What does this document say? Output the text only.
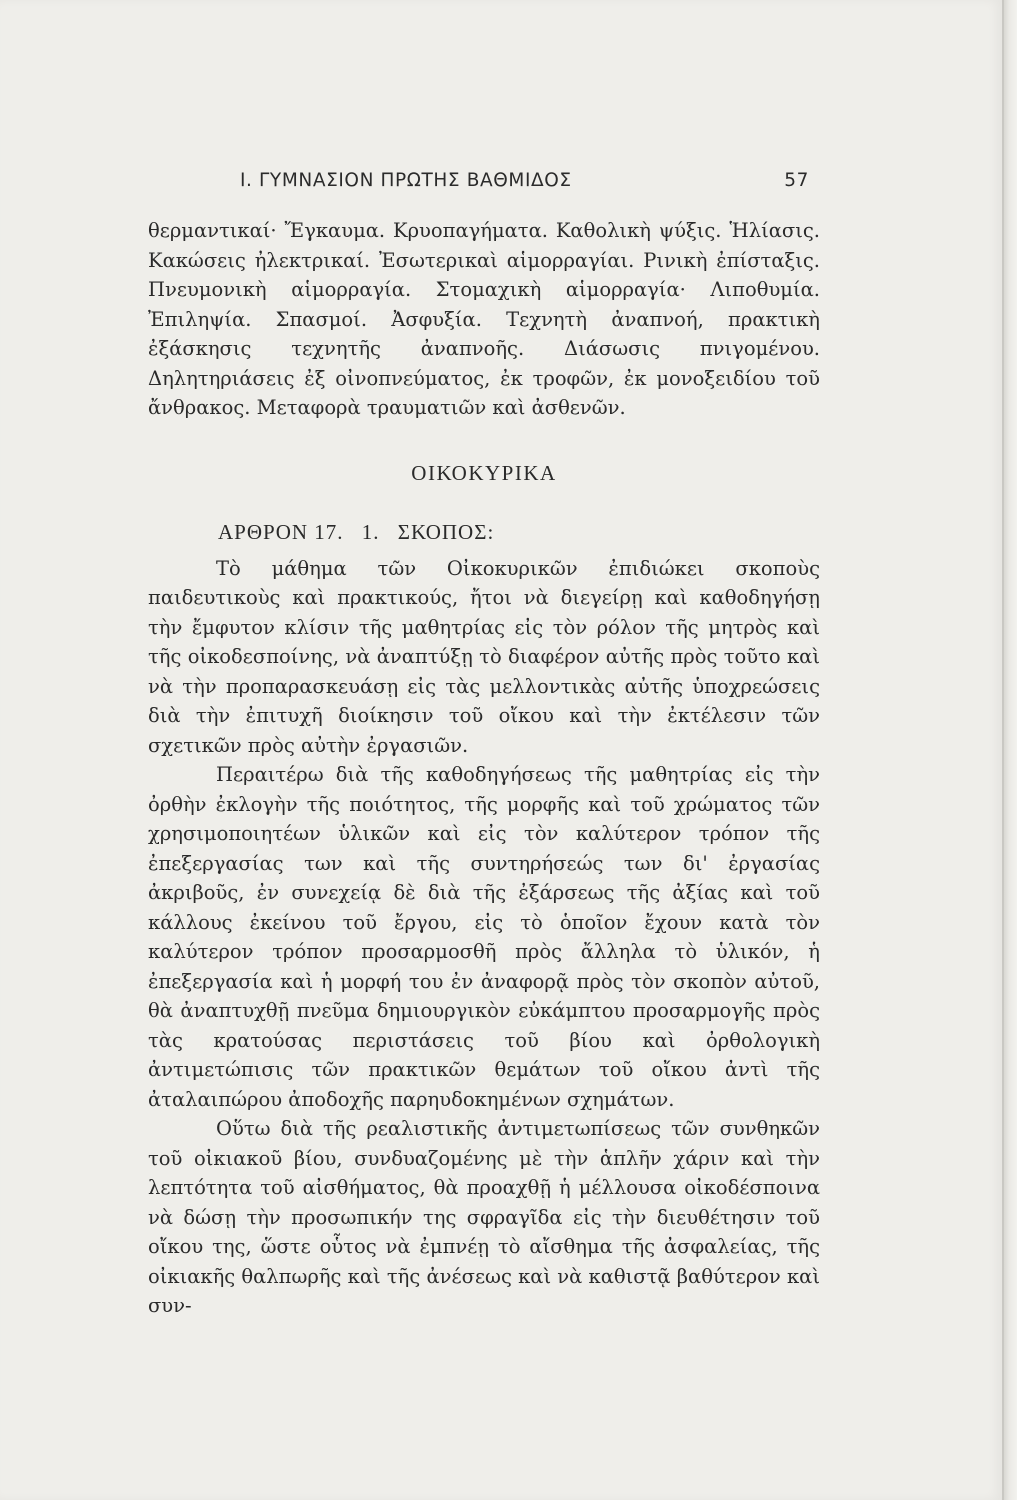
Ι. ΓΥΜΝΑΣΙΟΝ ΠΡΩΤΗΣ ΒΑΘΜΙΔΟΣ	57

θερμαντικαί· Ἔγκαυμα. Κρυοπαγήματα. Καθολικὴ ψύξις. Ἡλίασις. Κακώσεις ἠλεκτρικαί. Ἐσωτερικαὶ αἱμορραγίαι. Ρινικὴ ἐπίσταξις. Πνευμονικὴ αἱμορραγία. Στομαχικὴ αἱμορραγία· Λιποθυμία. Ἐπιληψία. Σπασμοί. Ἀσφυξία. Τεχνητὴ ἀναπνοή, πρακτικὴ ἐξάσκησις τεχνητῆς ἀναπνοῆς. Διάσωσις πνιγομένου. Δηλητηριάσεις ἐξ οἰνοπνεύματος, ἐκ τροφῶν, ἐκ μονοξειδίου τοῦ ἄνθρακος. Μεταφορὰ τραυματιῶν καὶ ἀσθενῶν.

ΟΙΚΟΚΥΡΙΚΑ
ΑΡΘΡΟΝ 17. 1. ΣΚΟΠΟΣ:

Τὸ μάθημα τῶν Οἰκοκυρικῶν ἐπιδιώκει σκοποὺς παιδευτικοὺς καὶ πρακτικούς, ἤτοι νὰ διεγείρῃ καὶ καθοδηγήσῃ τὴν ἔμφυτον κλίσιν τῆς μαθητρίας εἰς τὸν ρόλον τῆς μητρὸς καὶ τῆς οἰκοδεσποίνης, νὰ ἀναπτύξῃ τὸ διαφέρον αὐτῆς πρὸς τοῦτο καὶ νὰ τὴν προπαρασκευάσῃ εἰς τὰς μελλοντικὰς αὐτῆς ὑποχρεώσεις διὰ τὴν ἐπιτυχῆ διοίκησιν τοῦ οἴκου καὶ τὴν ἐκτέλεσιν τῶν σχετικῶν πρὸς αὐτὴν ἐργασιῶν.

Περαιτέρω διὰ τῆς καθοδηγήσεως τῆς μαθητρίας εἰς τὴν ὀρθὴν ἐκλογὴν τῆς ποιότητος, τῆς μορφῆς καὶ τοῦ χρώματος τῶν χρησιμοποιητέων ὑλικῶν καὶ εἰς τὸν καλύτερον τρόπον τῆς ἐπεξεργασίας των καὶ τῆς συντηρήσεώς των δι' ἐργασίας ἀκριβοῦς, ἐν συνεχείᾳ δὲ διὰ τῆς ἐξάρσεως τῆς ἀξίας καὶ τοῦ κάλλους ἐκείνου τοῦ ἔργου, εἰς τὸ ὁποῖον ἔχουν κατὰ τὸν καλύτερον τρόπον προσαρμοσθῆ πρὸς ἄλληλα τὸ ὑλικόν, ἡ ἐπεξεργασία καὶ ἡ μορφή του ἐν ἀναφορᾷ πρὸς τὸν σκοπὸν αὐτοῦ, θὰ ἀναπτυχθῇ πνεῦμα δημιουργικὸν εὐκάμπτου προσαρμογῆς πρὸς τὰς κρατούσας περιστάσεις τοῦ βίου καὶ ὀρθολογικὴ ἀντιμετώπισις τῶν πρακτικῶν θεμάτων τοῦ οἴκου ἀντὶ τῆς ἀταλαιπώρου ἀποδοχῆς παρηυδοκημένων σχημάτων.

Οὕτω διὰ τῆς ρεαλιστικῆς ἀντιμετωπίσεως τῶν συνθηκῶν τοῦ οἰκιακοῦ βίου, συνδυαζομένης μὲ τὴν ἁπλῆν χάριν καὶ τὴν λεπτότητα τοῦ αἰσθήματος, θὰ προαχθῇ ἡ μέλλουσα οἰκοδέσποινα νὰ δώσῃ τὴν προσωπικήν της σφραγῖδα εἰς τὴν διευθέτησιν τοῦ οἴκου της, ὥστε οὗτος νὰ ἐμπνέῃ τὸ αἴσθημα τῆς ἀσφαλείας, τῆς οἰκιακῆς θαλπωρῆς καὶ τῆς ἀνέσεως καὶ νὰ καθιστᾷ βαθύτερον καὶ συν-
